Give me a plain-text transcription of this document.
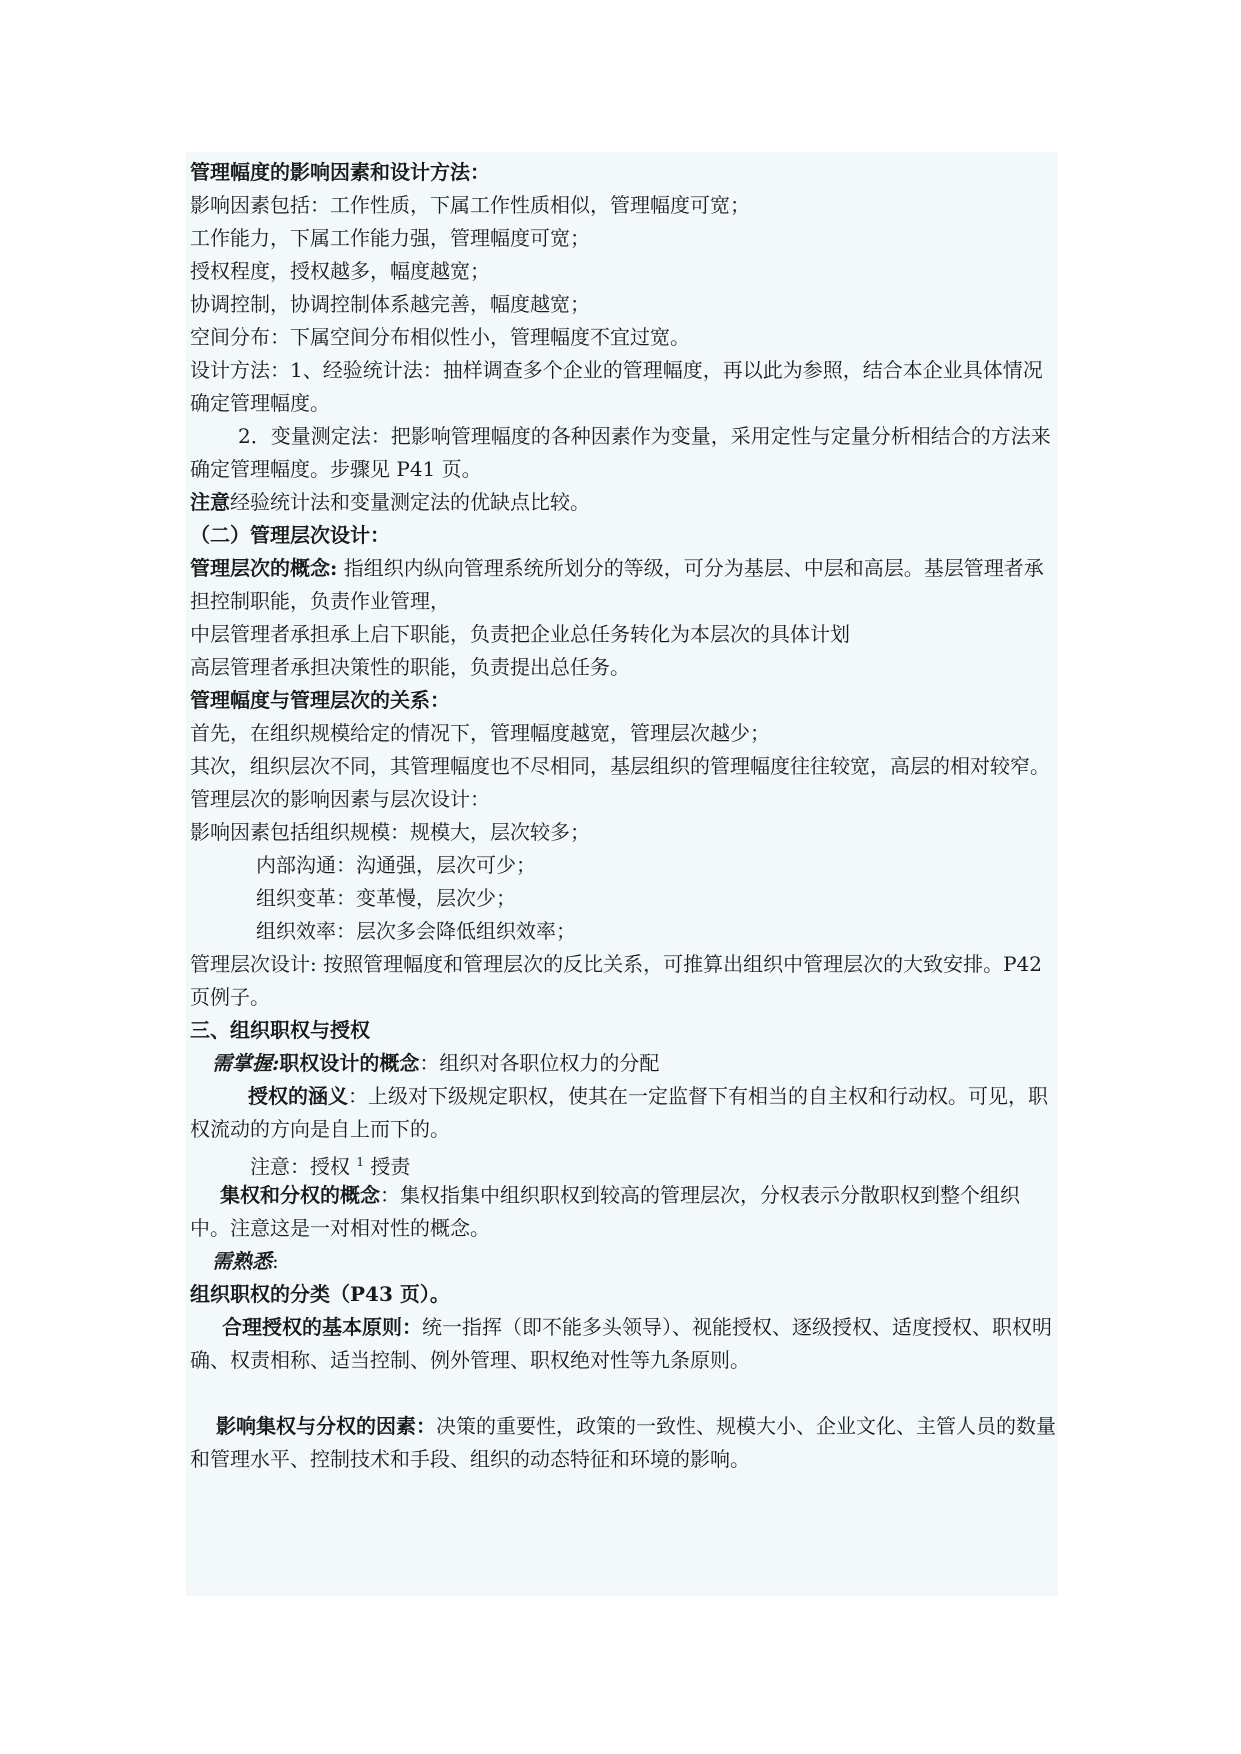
管理幅度的影响因素和设计方法：
影响因素包括：工作性质，下属工作性质相似，管理幅度可宽；
工作能力，下属工作能力强，管理幅度可宽；
授权程度，授权越多，幅度越宽；
协调控制，协调控制体系越完善，幅度越宽；
空间分布：下属空间分布相似性小，管理幅度不宜过宽。
设计方法：1、经验统计法：抽样调查多个企业的管理幅度，再以此为参照，结合本企业具体情况确定管理幅度。
2．变量测定法：把影响管理幅度的各种因素作为变量，采用定性与定量分析相结合的方法来确定管理幅度。步骤见 P41 页。
注意经验统计法和变量测定法的优缺点比较。
（二）管理层次设计：
管理层次的概念: 指组织内纵向管理系统所划分的等级，可分为基层、中层和高层。基层管理者承担控制职能，负责作业管理，
中层管理者承担承上启下职能，负责把企业总任务转化为本层次的具体计划
高层管理者承担决策性的职能，负责提出总任务。
管理幅度与管理层次的关系：
首先，在组织规模给定的情况下，管理幅度越宽，管理层次越少；
其次，组织层次不同，其管理幅度也不尽相同，基层组织的管理幅度往往较宽，高层的相对较窄。
管理层次的影响因素与层次设计：
影响因素包括组织规模：规模大，层次较多；
内部沟通：沟通强，层次可少；
组织变革：变革慢，层次少；
组织效率：层次多会降低组织效率；
管理层次设计: 按照管理幅度和管理层次的反比关系，可推算出组织中管理层次的大致安排。P42 页例子。
三、组织职权与授权
需掌握:职权设计的概念：组织对各职位权力的分配
授权的涵义：上级对下级规定职权，使其在一定监督下有相当的自主权和行动权。可见，职权流动的方向是自上而下的。
注意：授权 $^1$ 授责
集权和分权的概念：集权指集中组织职权到较高的管理层次，分权表示分散职权到整个组织中。注意这是一对相对性的概念。
需熟悉:
组织职权的分类（P43 页）。
合理授权的基本原则：统一指挥（即不能多头领导）、视能授权、逐级授权、适度授权、职权明确、权责相称、适当控制、例外管理、职权绝对性等九条原则。
影响集权与分权的因素：决策的重要性，政策的一致性、规模大小、企业文化、主管人员的数量和管理水平、控制技术和手段、组织的动态特征和环境的影响。
